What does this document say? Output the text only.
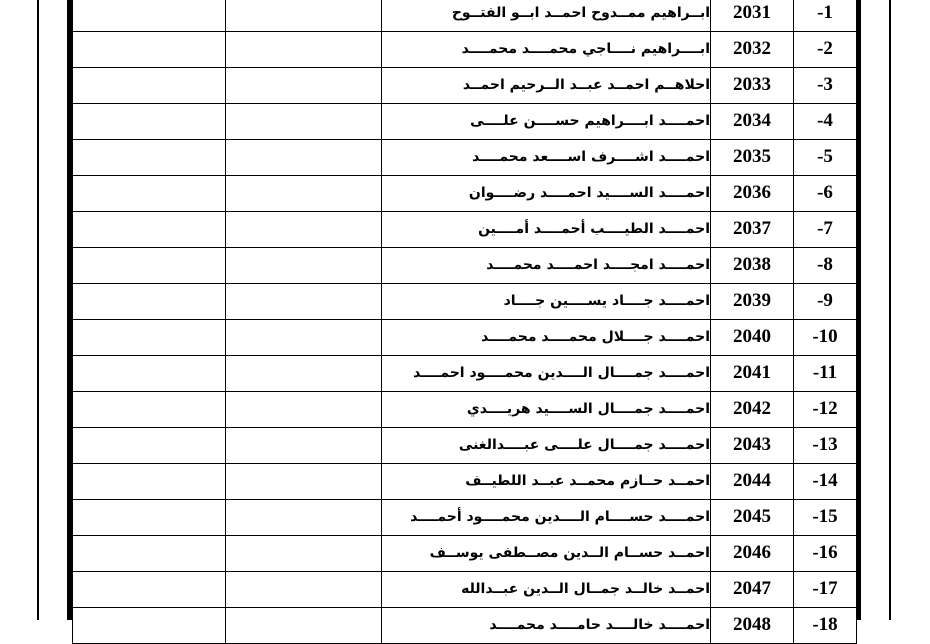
		ابــراهيم ممــدوح احمــد ابــو الفتــوح	2031	-1
		ابــــراهيم نــــاجي محمــــد محمــــد	2032	-2
		احلاهــم احمــد عبــد الــرحيم احمــد	2033	-3
		احمــــد ابــــراهيم حســــن علــــى	2034	-4
		احمــــد اشــــرف اســــعد محمــــد	2035	-5
		احمــــد الســــيد احمــــد رضــــوان	2036	-6
		احمــــد الطيــــب أحمــــد أمــــين	2037	-7
		احمــــد امجــــد احمــــد محمــــد	2038	-8
		احمــــد جــــاد يســــين جــــاد	2039	-9
		احمــــد جــــلال محمــــد محمــــد	2040	-10
		احمــــد جمــــال الــــدين محمــــود احمــــد	2041	-11
		احمــــد جمــــال الســــيد هريــــدي	2042	-12
		احمــــد جمــــال علــــى عبــــدالغنى	2043	-13
		احمــد حــازم محمــد عبــد اللطيــف	2044	-14
		احمــــد حســــام الــــدين محمــــود أحمــــد	2045	-15
		احمــد حســام الــدين مصــطفى يوســف	2046	-16
		احمــد خالــد جمــال الــدين عبــدالله	2047	-17
		احمــــد خالــــد حامــــد محمــــد	2048	-18
